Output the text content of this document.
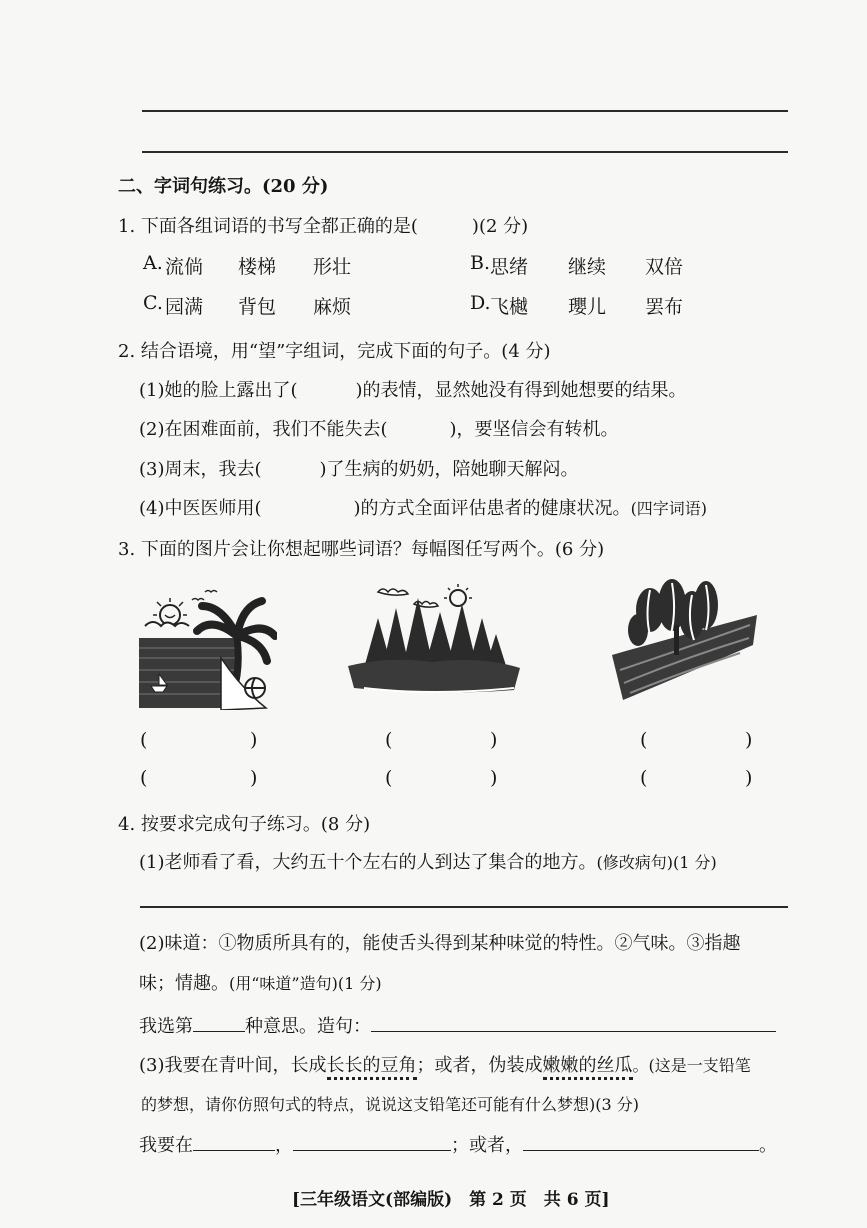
二、字词句练习。(20 分)
1. 下面各组词语的书写全都正确的是(　　　)(2 分)
A. 流倘 楼梯 形壮	B. 思绪 继续 双倍
C. 园满 背包 麻烦	D. 飞樾 瓔儿 罢布
2. 结合语境，用“望”字组词，完成下面的句子。(4 分)
(1)她的脸上露出了(	)的表情，显然她没有得到她想要的结果。
(2)在困难面前，我们不能失去(	)，要坚信会有转机。
(3)周末，我去(	)了生病的奶奶，陪她聊天解闷。
(4)中医医师用(	)的方式全面评估患者的健康状况。(四字词语)
3. 下面的图片会让你想起哪些词语？每幅图任写两个。(6 分)
(	)	(	)	(	)
(	)	(	)	(	)
4. 按要求完成句子练习。(8 分)
(1)老师看了看，大约五十个左右的人到达了集合的地方。(修改病句)(1 分)
(2)味道：①物质所具有的，能使舌头得到某种味觉的特性。②气味。③指趣
味；情趣。(用“味道”造句)(1 分)
我选第	种意思。造句：
(3)我要在青叶间，长成长长的豆角；或者，伪装成嫩嫩的丝瓜。(这是一支铅笔
的梦想，请你仿照句式的特点，说说这支铅笔还可能有什么梦想)(3 分)
我要在	，	；或者，	。
[三年级语文(部编版)　第 2 页　共 6 页]
